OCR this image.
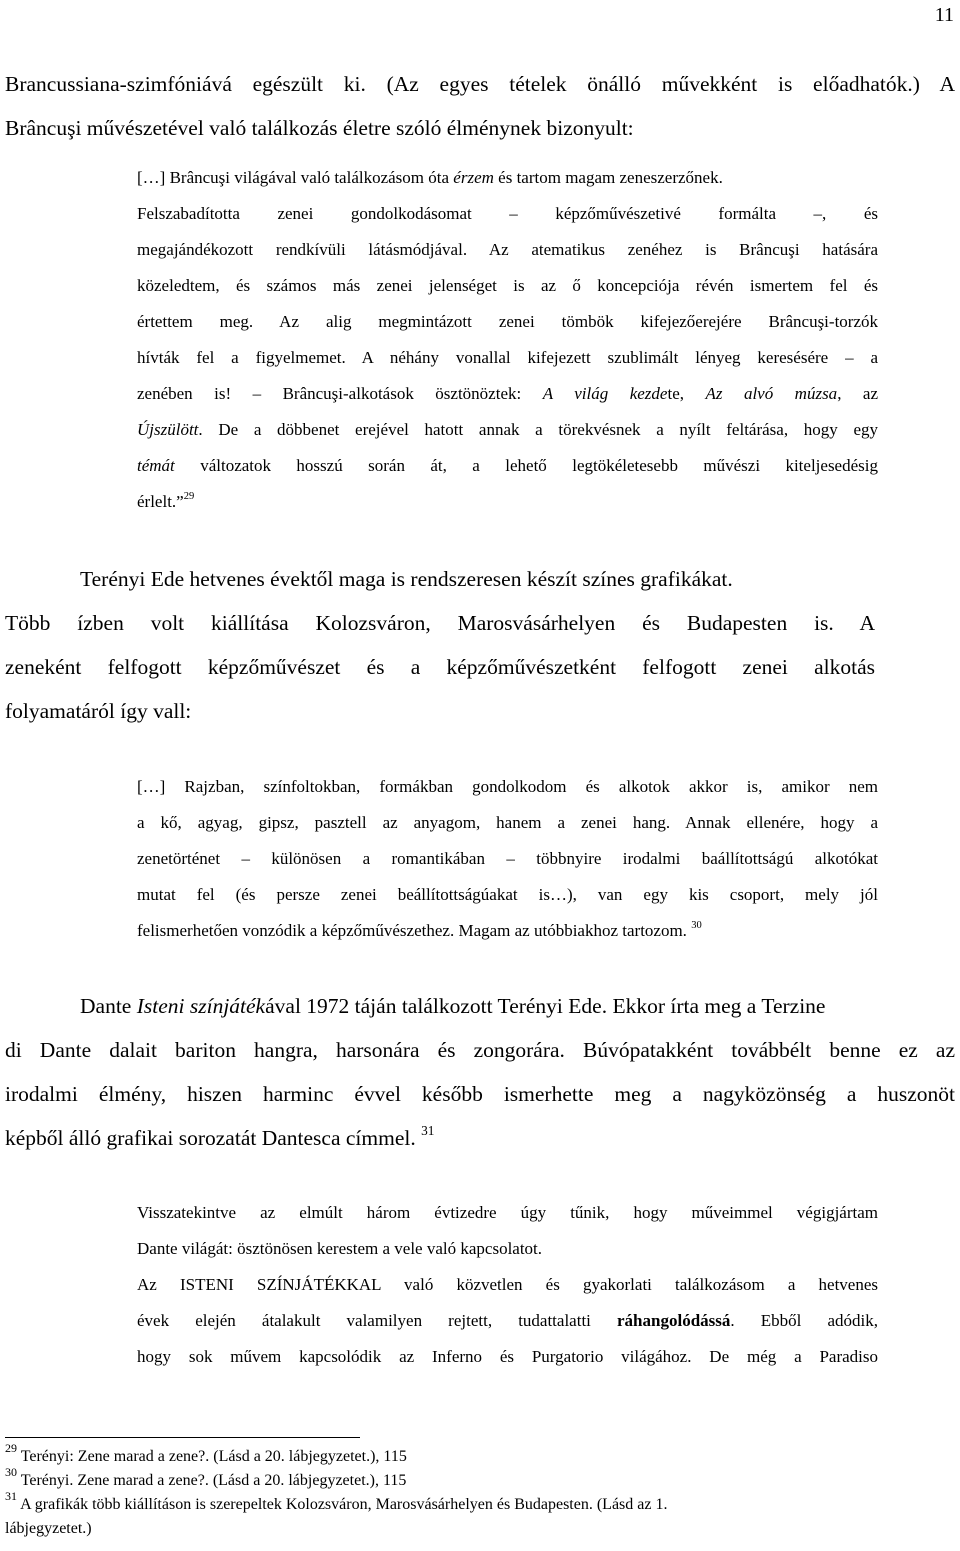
11
Brancussiana-szimfóniává egészült ki. (Az egyes tételek önálló művekként is előadhatók.) A
Brâncuşi művészetével való találkozás életre szóló élménynek bizonyult:
[…] Brâncuşi világával való találkozásom óta érzem és tartom magam zeneszerzőnek.
Felszabadította zenei gondolkodásomat – képzőművészetivé formálta –, és
megajándékozott rendkívüli látásmódjával. Az atematikus zenéhez is Brâncuşi hatására
közeledtem, és számos más zenei jelenséget is az ő koncepciója révén ismertem fel és
értettem meg. Az alig megmintázott zenei tömbök kifejezőerejére Brâncuşi-torzók
hívták fel a figyelmemet. A néhány vonallal kifejezett szublimált lényeg keresésére – a
zenében is! – Brâncuşi-alkotások ösztönöztek: A világ kezdete, Az alvó múzsa, az
Újszülött. De a döbbenet erejével hatott annak a törekvésnek a nyílt feltárása, hogy egy
témát változatok hosszú során át, a lehető legtökéletesebb művészi kiteljesedésig
érlelt.”$^{29}$
Terényi Ede hetvenes évektől maga is rendszeresen készít színes grafikákat.
Több ízben volt kiállítása Kolozsváron, Marosvásárhelyen és Budapesten is. A
zeneként felfogott képzőművészet és a képzőművészetként felfogott zenei alkotás
folyamatáról így vall:
[…] Rajzban, színfoltokban, formákban gondolkodom és alkotok akkor is, amikor nem
a kő, agyag, gipsz, pasztell az anyagom, hanem a zenei hang. Annak ellenére, hogy a
zenetörténet – különösen a romantikában – többnyire irodalmi baállítottságú alkotókat
mutat fel (és persze zenei beállítottságúakat is…), van egy kis csoport, mely jól
felismerhetően vonzódik a képzőművészethez. Magam az utóbbiakhoz tartozom. $^{30}$
Dante Isteni színjátékával 1972 táján találkozott Terényi Ede. Ekkor írta meg a Terzine
di Dante dalait bariton hangra, harsonára és zongorára. Búvópatakként továbbélt benne ez az
irodalmi élmény, hiszen harminc évvel később ismerhette meg a nagyközönség a huszonöt
képből álló grafikai sorozatát Dantesca címmel. $^{31}$
Visszatekintve az elmúlt három évtizedre úgy tűnik, hogy műveimmel végigjártam
Dante világát: ösztönösen kerestem a vele való kapcsolatot.
Az ISTENI SZÍNJÁTÉKKAL való közvetlen és gyakorlati találkozásom a hetvenes
évek elején átalakult valamilyen rejtett, tudattalatti ráhangolódássá. Ebből adódik,
hogy sok művem kapcsolódik az Inferno és Purgatorio világához. De még a Paradiso
$^{29}$ Terényi: Zene marad a zene?. (Lásd a 20. lábjegyzetet.), 115
$^{30}$ Terényi. Zene marad a zene?. (Lásd a 20. lábjegyzetet.), 115
$^{31}$ A grafikák több kiállításon is szerepeltek Kolozsváron, Marosvásárhelyen és Budapesten. (Lásd az 1.
lábjegyzetet.)
